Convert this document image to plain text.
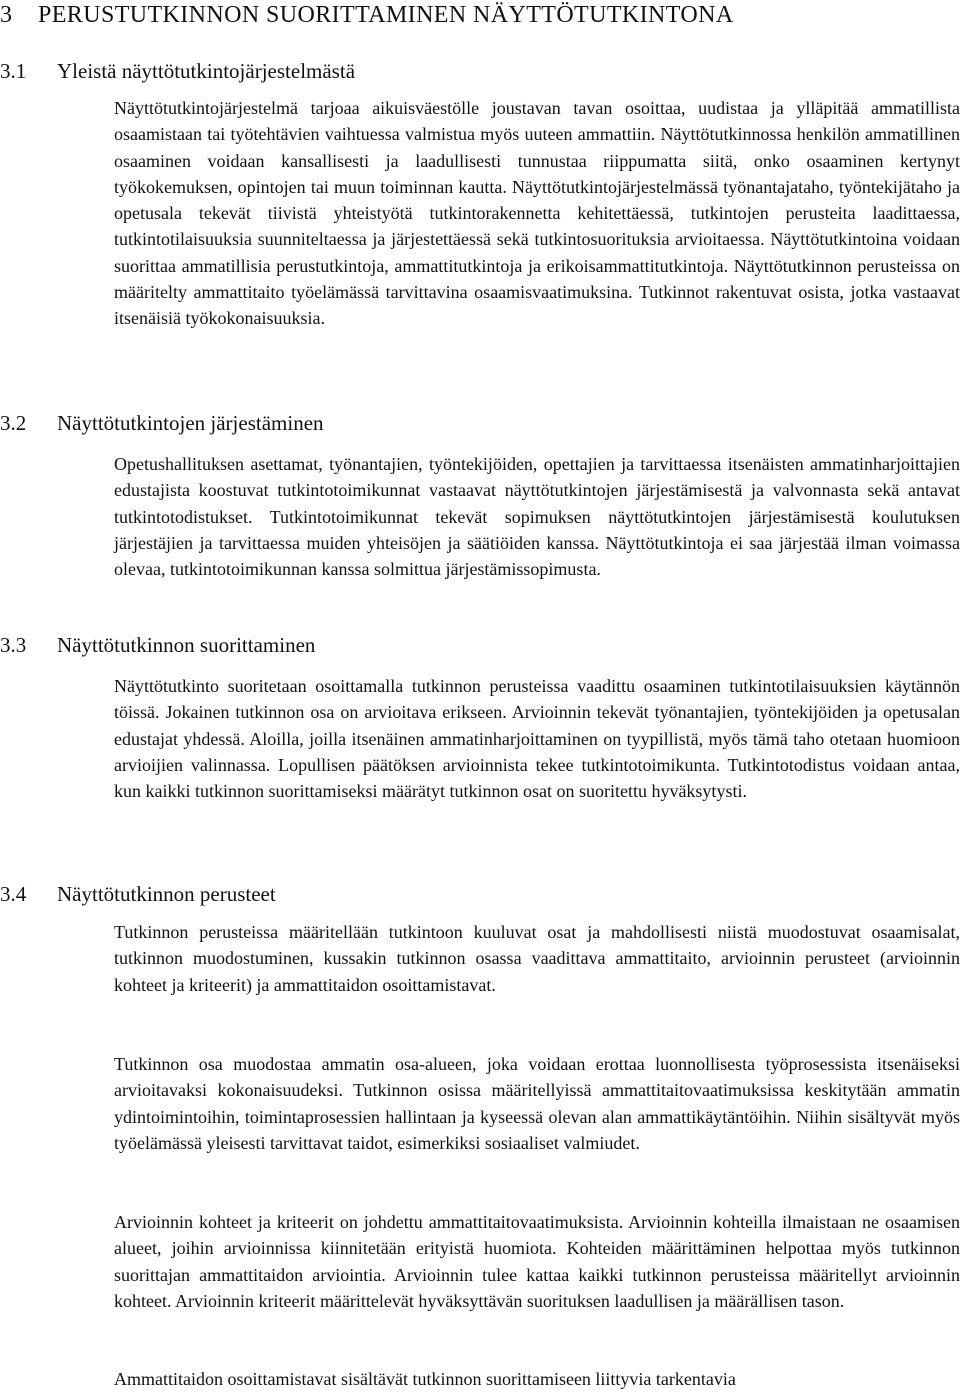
3 PERUSTUTKINNON SUORITTAMINEN NÄYTTÖTUTKINTONA
3.1 Yleistä näyttötutkintojärjestelmästä

Näyttötutkintojärjestelmä tarjoaa aikuisväestölle joustavan tavan osoittaa, uudistaa ja ylläpitää ammatillista osaamistaan tai työtehtävien vaihtuessa valmistua myös uuteen ammattiin. Näyttötutkinnossa henkilön ammatillinen osaaminen voidaan kansallisesti ja laadullisesti tunnustaa riippumatta siitä, onko osaaminen kertynyt työkokemuksen, opintojen tai muun toiminnan kautta. Näyttötutkintojärjestelmässä työnantajataho, työntekijätaho ja opetusala tekevät tiivistä yhteistyötä tutkintorakennetta kehitettäessä, tutkintojen perusteita laadittaessa, tutkintotilaisuuksia suunniteltaessa ja järjestettäessä sekä tutkintosuorituksia arvioitaessa. Näyttötutkintoina voidaan suorittaa ammatillisia perustutkintoja, ammattitutkintoja ja erikoisammattitutkintoja. Näyttötutkinnon perusteissa on määritelty ammattitaito työelämässä tarvittavina osaamisvaatimuksina. Tutkinnot rakentuvat osista, jotka vastaavat itsenäisiä työkokonaisuuksia.

3.2 Näyttötutkintojen järjestäminen

Opetushallituksen asettamat, työnantajien, työntekijöiden, opettajien ja tarvittaessa itsenäisten ammatinharjoittajien edustajista koostuvat tutkintotoimikunnat vastaavat näyttötutkintojen järjestämisestä ja valvonnasta sekä antavat tutkintotodistukset. Tutkintotoimikunnat tekevät sopimuksen näyttötutkintojen järjestämisestä koulutuksen järjestäjien ja tarvittaessa muiden yhteisöjen ja säätiöiden kanssa. Näyttötutkintoja ei saa järjestää ilman voimassa olevaa, tutkintotoimikunnan kanssa solmittua järjestämissopimusta.

3.3 Näyttötutkinnon suorittaminen

Näyttötutkinto suoritetaan osoittamalla tutkinnon perusteissa vaadittu osaaminen tutkintotilaisuuksien käytännön töissä. Jokainen tutkinnon osa on arvioitava erikseen. Arvioinnin tekevät työnantajien, työntekijöiden ja opetusalan edustajat yhdessä. Aloilla, joilla itsenäinen ammatinharjoittaminen on tyypillistä, myös tämä taho otetaan huomioon arvioijien valinnassa. Lopullisen päätöksen arvioinnista tekee tutkintotoimikunta. Tutkintotodistus voidaan antaa, kun kaikki tutkinnon suorittamiseksi määrätyt tutkinnon osat on suoritettu hyväksytysti.

3.4 Näyttötutkinnon perusteet

Tutkinnon perusteissa määritellään tutkintoon kuuluvat osat ja mahdollisesti niistä muodostuvat osaamisalat, tutkinnon muodostuminen, kussakin tutkinnon osassa vaadittava ammattitaito, arvioinnin perusteet (arvioinnin kohteet ja kriteerit) ja ammattitaidon osoittamistavat.

Tutkinnon osa muodostaa ammatin osa-alueen, joka voidaan erottaa luonnollisesta työprosessista itsenäiseksi arvioitavaksi kokonaisuudeksi. Tutkinnon osissa määritellyissä ammattitaitovaatimuksissa keskitytään ammatin ydintoimintoihin, toimintaprosessien hallintaan ja kyseessä olevan alan ammattikäytäntöihin. Niihin sisältyvät myös työelämässä yleisesti tarvittavat taidot, esimerkiksi sosiaaliset valmiudet.

Arvioinnin kohteet ja kriteerit on johdettu ammattitaitovaatimuksista. Arvioinnin kohteilla ilmaistaan ne osaamisen alueet, joihin arvioinnissa kiinnitetään erityistä huomiota. Kohteiden määrittäminen helpottaa myös tutkinnon suorittajan ammattitaidon arviointia. Arvioinnin tulee kattaa kaikki tutkinnon perusteissa määritellyt arvioinnin kohteet. Arvioinnin kriteerit määrittelevät hyväksyttävän suorituksen laadullisen ja määrällisen tason.

Ammattitaidon osoittamistavat sisältävät tutkinnon suorittamiseen liittyvia tarkentavia
